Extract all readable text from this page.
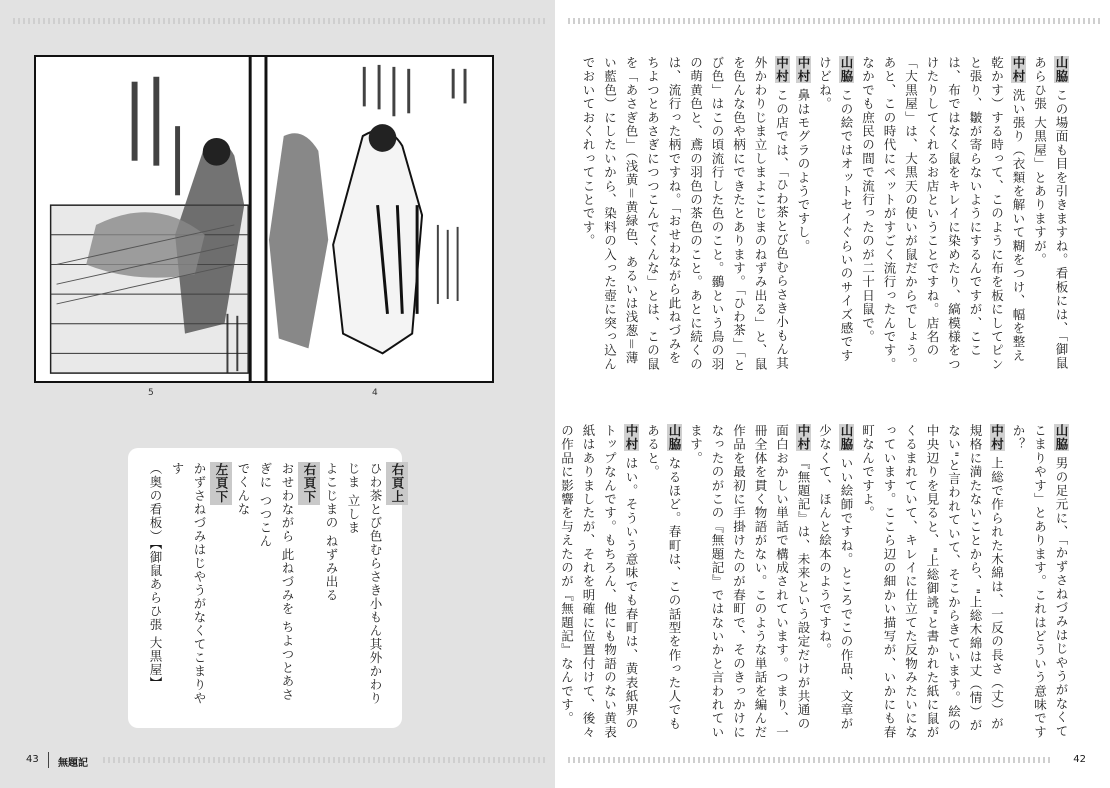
5	4
右頁上
ひわ茶とび色むらさき小もん其外かわりじま 立しま
よこじまの ねずみ出る
右頁下
おせわながら 此ねづみを ちよつとあさぎに つつこん
でくんな
左頁下
かずさねづみはじやうがなくてこまりやす
（奥の看板）【御鼠あらひ張 大黒屋】
43 無題記	42
山脇 この場面も目を引きますね。看板には、「御鼠あらひ張 大黒屋」とありますが。
中村 洗い張り（衣類を解いて糊をつけ、幅を整え乾かす）する時って、このように布を板にしてピンと張り、皺が寄らないようにするんですが、ここは、布ではなく鼠をキレイに染めたり、縞模様をつけたりしてくれるお店ということですね。店名の「大黒屋」は、大黒天の使いが鼠だからでしょう。あと、この時代にペットがすごく流行ったんです。なかでも庶民の間で流行ったのが二十日鼠で。
山脇 この絵ではオットセイぐらいのサイズ感ですけどね。
中村 鼻はモグラのようですし。
中村 この店では、「ひわ茶とび色むらさき小もん其外かわりじま立しまよこじまのねずみ出る」と、鼠を色んな色や柄にできたとあります。「ひわ茶」「とび色」はこの頃流行した色のこと。鶸という鳥の羽の萌黄色と、鳶の羽色の茶色のこと。あとに続くのは、流行った柄ですね。「おせわながら此ねづみを ちよつとあさぎにつつこんでくんな」とは、この鼠を「あさぎ色」（浅黄＝黄緑色、あるいは浅葱＝薄い藍色）にしたいから、染料の入った壺に突っ込んでおいておくれってことです。
山脇 男の足元に、「かずさねづみはじやうがなくてこまりやす」とあります。これはどういう意味ですか？
中村 上総で作られた木綿は、一反の長さ（丈）が規格に満たないことから、"上総木綿は丈（情）がない"と言われていて、そこからきています。絵の中央辺りを見ると、"上総御誂"と書かれた紙に鼠がくるまれていて、キレイに仕立てた反物みたいになっています。ここら辺の細かい描写が、いかにも春町なんですよ。
山脇 いい絵師ですね。ところでこの作品、文章が少なくて、ほんと絵本のようですね。
中村 『無題記』は、未来という設定だけが共通の面白おかしい単話で構成されています。つまり、一冊全体を貫く物語がない。このような単話を編んだ作品を最初に手掛けたのが春町で、そのきっかけになったのがこの『無題記』ではないかと言われています。
山脇 なるほど。春町は、この話型を作った人でもあると。
中村 はい。そういう意味でも春町は、黄表紙界のトップなんです。もちろん、他にも物語のない黄表紙はありましたが、それを明確に位置付けて、後々の作品に影響を与えたのが『無題記』なんです。
